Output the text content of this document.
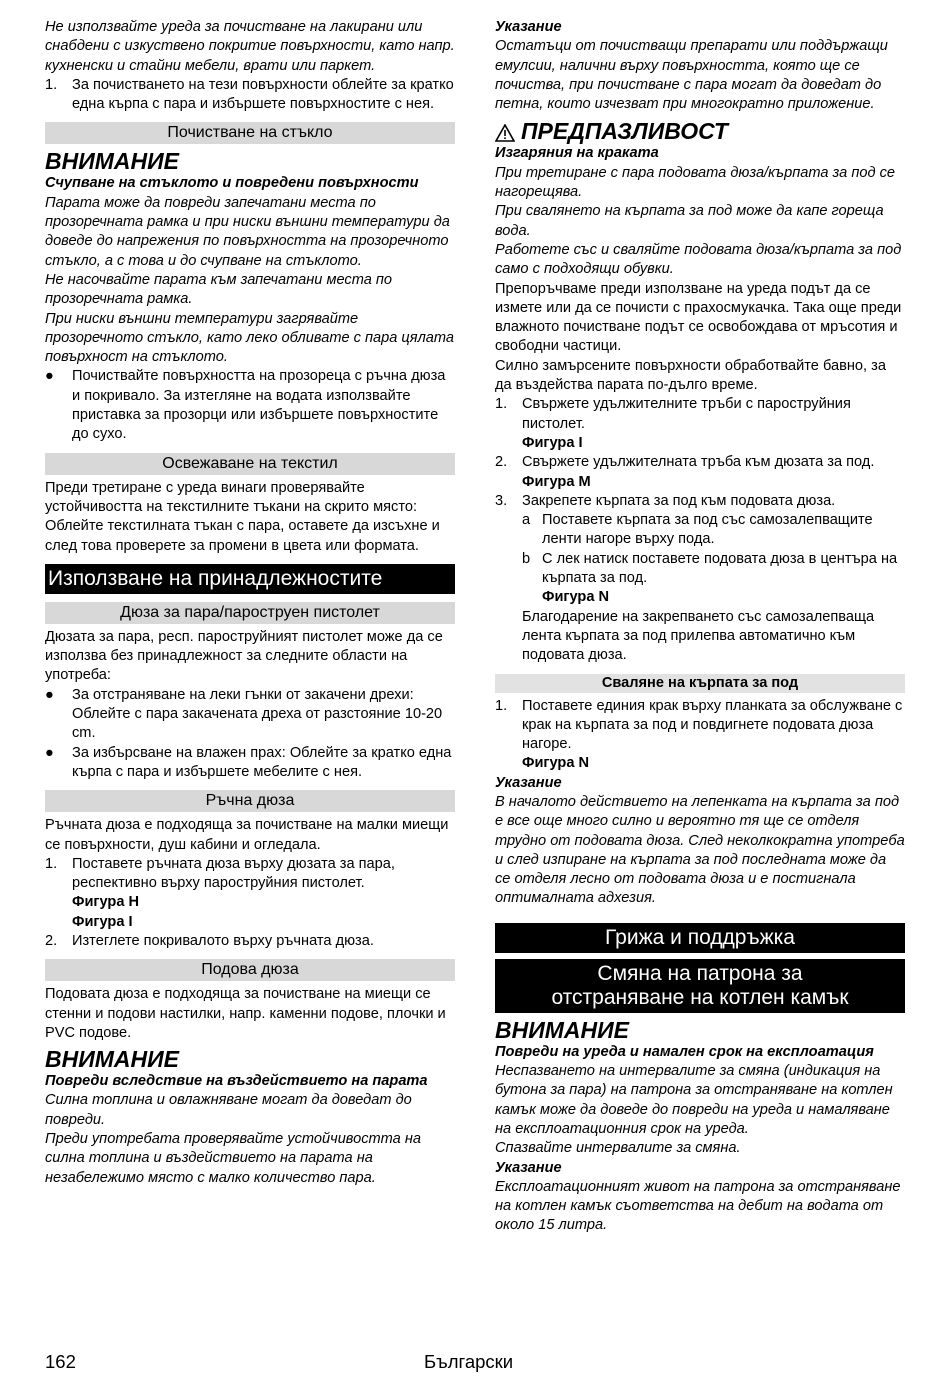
Не използвайте уреда за почистване на лакирани или снабдени с изкуствено покритие повърхности, като напр. кухненски и стайни мебели, врати или паркет.

1. За почистването на тези повърхности облейте за кратко една кърпа с пара и избършете повърхностите с нея.
Почистване на стъкло
ВНИМАНИЕ

Счупване на стъклото и повредени повърхности

Парата може да повреди запечатани места по прозоречната рамка и при ниски външни температури да доведе до напрежения по повърхността на прозоречното стъкло, а с това и до счупване на стъклото.

Не насочвайте парата към запечатани места по прозоречната рамка.

При ниски външни температури загрявайте прозоречното стъкло, като леко обливате с пара цялата повърхност на стъклото.

● Почиствайте повърхността на прозореца с ръчна дюза и покривало. За изтегляне на водата използвайте приставка за прозорци или избършете повърхностите до сухо.
Освежаване на текстил

Преди третиране с уреда винаги проверявайте устойчивостта на текстилните тъкани на скрито място: Облейте текстилната тъкан с пара, оставете да изсъхне и след това проверете за промени в цвета или формата.

Използване на принадлежностите
Дюза за пара/пароструен пистолет

Дюзата за пара, респ. пароструйният пистолет може да се използва без принадлежност за следните области на употреба:

● За отстраняване на леки гънки от закачени дрехи: Облейте с пара закачената дреха от разстояние 10-20 cm.
● За избърсване на влажен прах: Облейте за кратко една кърпа с пара и избършете мебелите с нея.
Ръчна дюза

Ръчната дюза е подходяща за почистване на малки миещи се повърхности, душ кабини и огледала.

1. Поставете ръчната дюза върху дюзата за пара, респективно върху пароструйния пистолет.

Фигура H

Фигура I

2. Изтеглете покривалото върху ръчната дюза.
Подова дюза

Подовата дюза е подходяща за почистване на миещи се стенни и подови настилки, напр. каменни подове, плочки и PVC подове.

ВНИМАНИЕ

Повреди вследствие на въздействието на парата

Силна топлина и овлажняване могат да доведат до повреди.

Преди употребата проверявайте устойчивостта на силна топлина и въздействието на парата на незабележимо място с малко количество пара.

Указание

Остатъци от почистващи препарати или поддържащи емулсии, налични върху повърхността, която ще се почиства, при почистване с пара могат да доведат до петна, които изчезват при многократно приложение.

ПРЕДПАЗЛИВОСТ

Изгаряния на краката

При третиране с пара подовата дюза/кърпата за под се нагорещява.

При свалянето на кърпата за под може да капе гореща вода.

Работете със и сваляйте подовата дюза/кърпата за под само с подходящи обувки.

Препоръчваме преди използване на уреда подът да се измете или да се почисти с прахосмукачка. Така още преди влажното почистване подът се освобождава от мръсотия и свободни частици.

Силно замърсените повърхности обработвайте бавно, за да въздейства парата по-дълго време.

1. Свържете удължителните тръби с пароструйния пистолет.

Фигура I

2. Свържете удължителната тръба към дюзата за под.

Фигура M

3. Закрепете кърпата за под към подовата дюза.
a Поставете кърпата за под със самозалепващите ленти нагоре върху пода.
b С лек натиск поставете подовата дюза в центъра на кърпата за под.

Фигура N

Благодарение на закрепването със самозалепваща лента кърпата за под прилепва автоматично към подовата дюза.

Сваляне на кърпата за под
1. Поставете единия крак върху планката за обслужване с крак на кърпата за под и повдигнете подовата дюза нагоре.

Фигура N

Указание

В началото действието на лепенката на кърпата за под е все още много силно и вероятно тя ще се отделя трудно от подовата дюза. След неколкократна употреба и след изпиране на кърпата за под последната може да се отделя лесно от подовата дюза и е постигнала оптималната адхезия.

Грижа и поддръжка
Смяна на патрона за
отстраняване на котлен камък
ВНИМАНИЕ

Повреди на уреда и намален срок на експлоатация

Неспазването на интервалите за смяна (индикация на бутона за пара) на патрона за отстраняване на котлен камък може да доведе до повреди на уреда и намаляване на експлоатационния срок на уреда.

Спазвайте интервалите за смяна.

Указание

Експлоатационният живот на патрона за отстраняване на котлен камък съответства на дебит на водата от около 15 литра.

162	Български
